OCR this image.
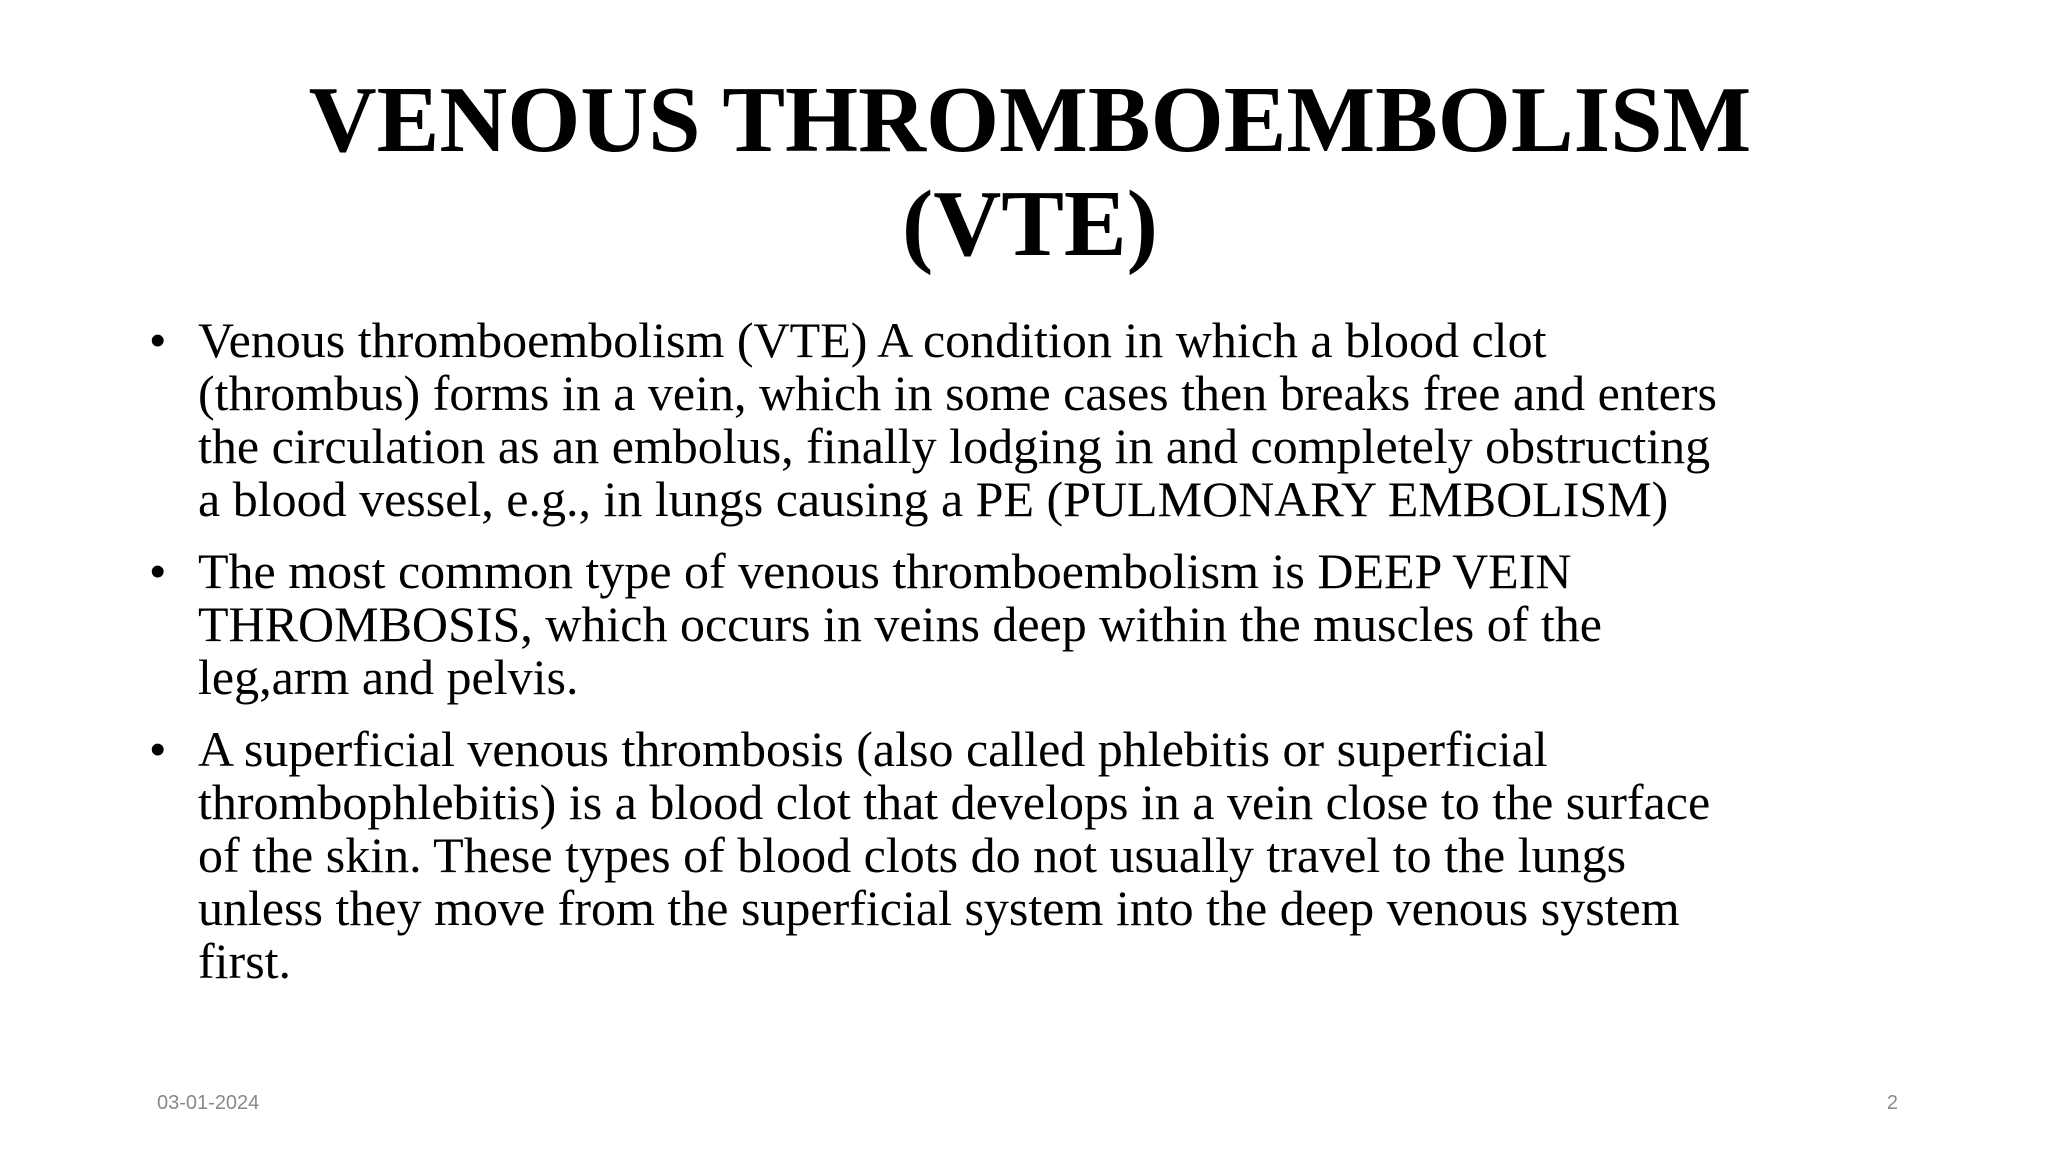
VENOUS THROMBOEMBOLISM
(VTE)
• Venous thromboembolism (VTE) A condition in which a blood clot
(thrombus) forms in a vein, which in some cases then breaks free and enters
the circulation as an embolus, finally lodging in and completely obstructing
a blood vessel, e.g., in lungs causing a PE (PULMONARY EMBOLISM)
• The most common type of venous thromboembolism is DEEP VEIN
THROMBOSIS, which occurs in veins deep within the muscles of the
leg,arm and pelvis.
• A superficial venous thrombosis (also called phlebitis or superficial
thrombophlebitis) is a blood clot that develops in a vein close to the surface
of the skin. These types of blood clots do not usually travel to the lungs
unless they move from the superficial system into the deep venous system
first.
03-01-2024	2
